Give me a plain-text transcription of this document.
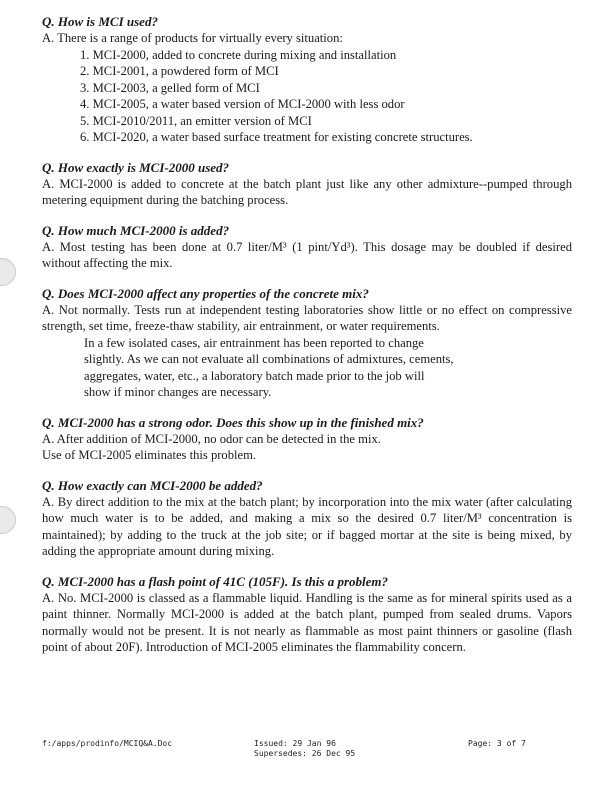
Q. How is MCI used?

A. There is a range of products for virtually every situation:

1. MCI-2000, added to concrete during mixing and installation
2. MCI-2001, a powdered form of MCI
3. MCI-2003, a gelled form of MCI
4. MCI-2005, a water based version of MCI-2000 with less odor
5. MCI-2010/2011, an emitter version of MCI
6. MCI-2020, a water based surface treatment for existing concrete structures.

Q. How exactly is MCI-2000 used?

A. MCI-2000 is added to concrete at the batch plant just like any other admixture--pumped through metering equipment during the batching process.

Q. How much MCI-2000 is added?

A. Most testing has been done at 0.7 liter/M³ (1 pint/Yd³). This dosage may be doubled if desired without affecting the mix.

Q. Does MCI-2000 affect any properties of the concrete mix?

A. Not normally. Tests run at independent testing laboratories show little or no effect on compressive strength, set time, freeze-thaw stability, air entrainment, or water requirements.

In a few isolated cases, air entrainment has been reported to change slightly. As we can not evaluate all combinations of admixtures, cements, aggregates, water, etc., a laboratory batch made prior to the job will show if minor changes are necessary.

Q. MCI-2000 has a strong odor. Does this show up in the finished mix?

A. After addition of MCI-2000, no odor can be detected in the mix.

Use of MCI-2005 eliminates this problem.

Q. How exactly can MCI-2000 be added?

A. By direct addition to the mix at the batch plant; by incorporation into the mix water (after calculating how much water is to be added, and making a mix so the desired 0.7 liter/M³ concentration is maintained); by adding to the truck at the job site; or if bagged mortar at the site is being mixed, by adding the appropriate amount during mixing.

Q. MCI-2000 has a flash point of 41C (105F). Is this a problem?

A. No. MCI-2000 is classed as a flammable liquid. Handling is the same as for mineral spirits used as a paint thinner. Normally MCI-2000 is added at the batch plant, pumped from sealed drums. Vapors normally would not be present. It is not nearly as flammable as most paint thinners or gasoline (flash point of about 20F). Introduction of MCI-2005 eliminates the flammability concern.

f:/apps/prodinfo/MCIQ&A.Doc	Issued: 29 Jan 96
Supersedes: 26 Dec 95
Page: 3 of 7
